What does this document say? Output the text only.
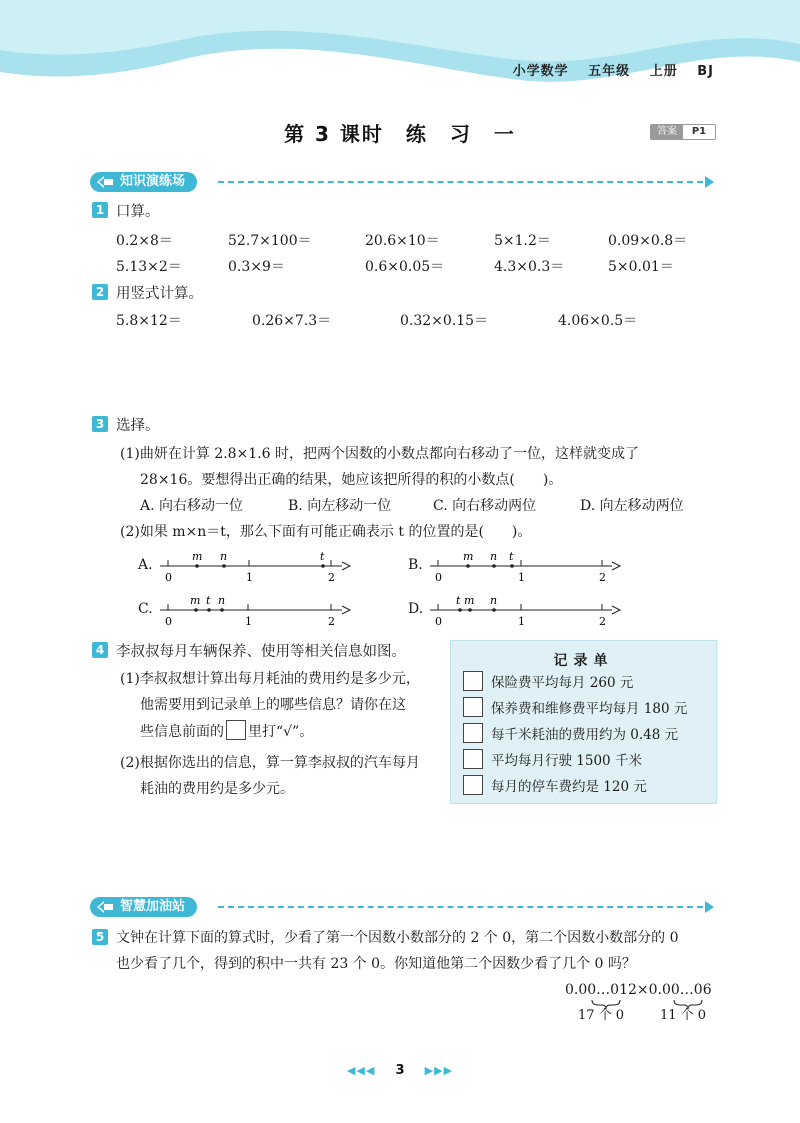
小学数学 五年级 上册 BJ
第 3 课时　练　习　一	答案	P1
知识演练场
1 口算。
0.2×8＝	52.7×100＝	20.6×10＝	5×1.2＝	0.09×0.8＝
5.13×2＝	0.3×9＝	0.6×0.05＝	4.3×0.3＝	5×0.01＝
2 用竖式计算。
5.8×12＝	0.26×7.3＝	0.32×0.15＝	4.06×0.5＝
3 选择。
(1)曲妍在计算 2.8×1.6 时，把两个因数的小数点都向右移动了一位，这样就变成了
28×16。要想得出正确的结果，她应该把所得的积的小数点(　　)。
A. 向右移动一位	B. 向左移动一位	C. 向右移动两位	D. 向左移动两位
(2)如果 m×n＝t，那么下面有可能正确表示 t 的位置的是(　　)。
A.
m n	t
0	1	2
B.
m n t
0	1	2
C.
m t n
0	1	2
D.
t m n
0	1	2
4 李叔叔每月车辆保养、使用等相关信息如图。
(1)李叔叔想计算出每月耗油的费用约是多少元，
他需要用到记录单上的哪些信息？请你在这
些信息前面的 里打“√”。
(2)根据你选出的信息，算一算李叔叔的汽车每月
耗油的费用约是多少元。
记录单
保险费平均每月 260 元
保养费和维修费平均每月 180 元
每千米耗油的费用约为 0.48 元
平均每月行驶 1500 千米
每月的停车费约是 120 元
智慧加油站
5 文钟在计算下面的算式时，少看了第一个因数小数部分的 2 个 0，第二个因数小数部分的 0
也少看了几个，得到的积中一共有 23 个 0。你知道他第二个因数少看了几个 0 吗？
0.00…012×0.00…06
17 个 0	11 个 0
◀◀◀ 3 ▶▶▶
